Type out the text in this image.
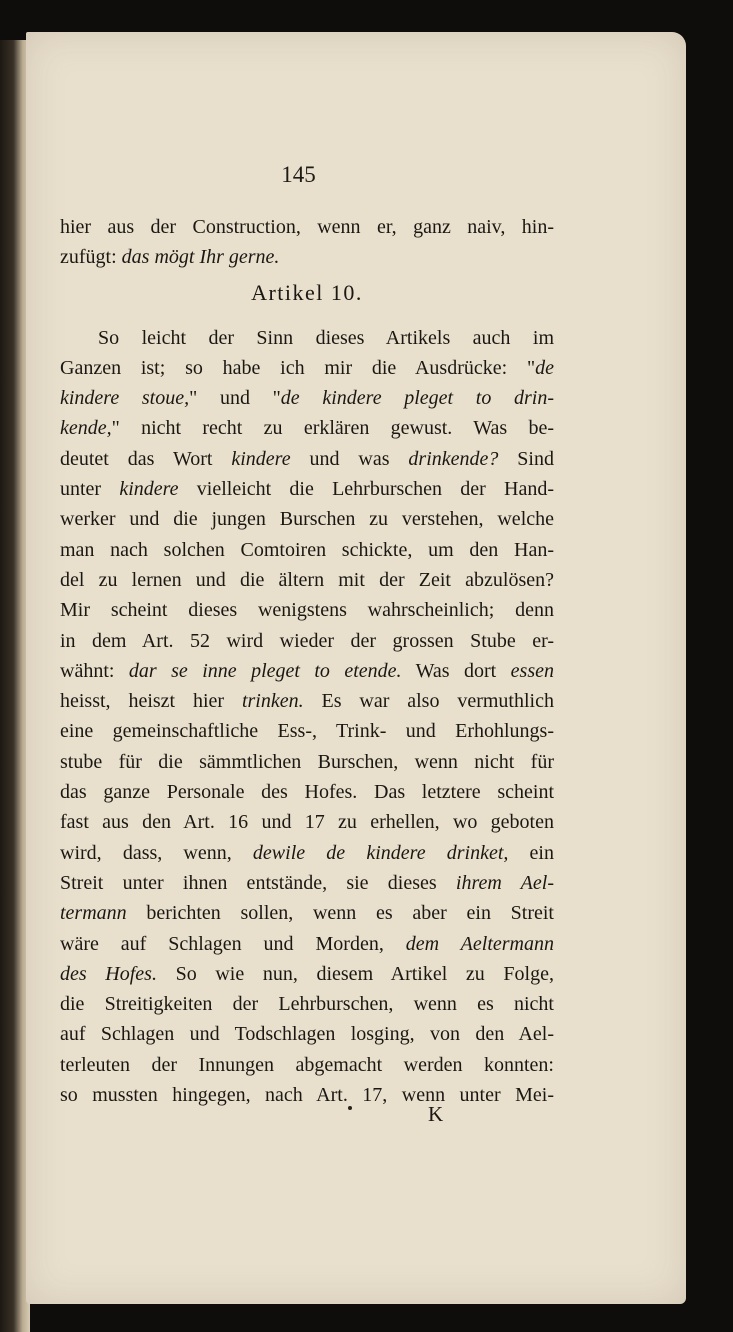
145
hier aus der Construction, wenn er, ganz naiv, hin-
zufügt: das mögt Ihr gerne.
Artikel 10.
So leicht der Sinn dieses Artikels auch im
Ganzen ist; so habe ich mir die Ausdrücke: "de
kindere stoue," und "de kindere pleget to drin-
kende," nicht recht zu erklären gewust. Was be-
deutet das Wort kindere und was drinkende? Sind
unter kindere vielleicht die Lehrburschen der Hand-
werker und die jungen Burschen zu verstehen, welche
man nach solchen Comtoiren schickte, um den Han-
del zu lernen und die ältern mit der Zeit abzulösen?
Mir scheint dieses wenigstens wahrscheinlich; denn
in dem Art. 52 wird wieder der grossen Stube er-
wähnt: dar se inne pleget to etende. Was dort essen
heisst, heiszt hier trinken. Es war also vermuthlich
eine gemeinschaftliche Ess-, Trink- und Erhohlungs-
stube für die sämmtlichen Burschen, wenn nicht für
das ganze Personale des Hofes. Das letztere scheint
fast aus den Art. 16 und 17 zu erhellen, wo geboten
wird, dass, wenn, dewile de kindere drinket, ein
Streit unter ihnen entstände, sie dieses ihrem Ael-
termann berichten sollen, wenn es aber ein Streit
wäre auf Schlagen und Morden, dem Aeltermann
des Hofes. So wie nun, diesem Artikel zu Folge,
die Streitigkeiten der Lehrburschen, wenn es nicht
auf Schlagen und Todschlagen losging, von den Ael-
terleuten der Innungen abgemacht werden konnten:
so mussten hingegen, nach Art. 17, wenn unter Mei-
K
